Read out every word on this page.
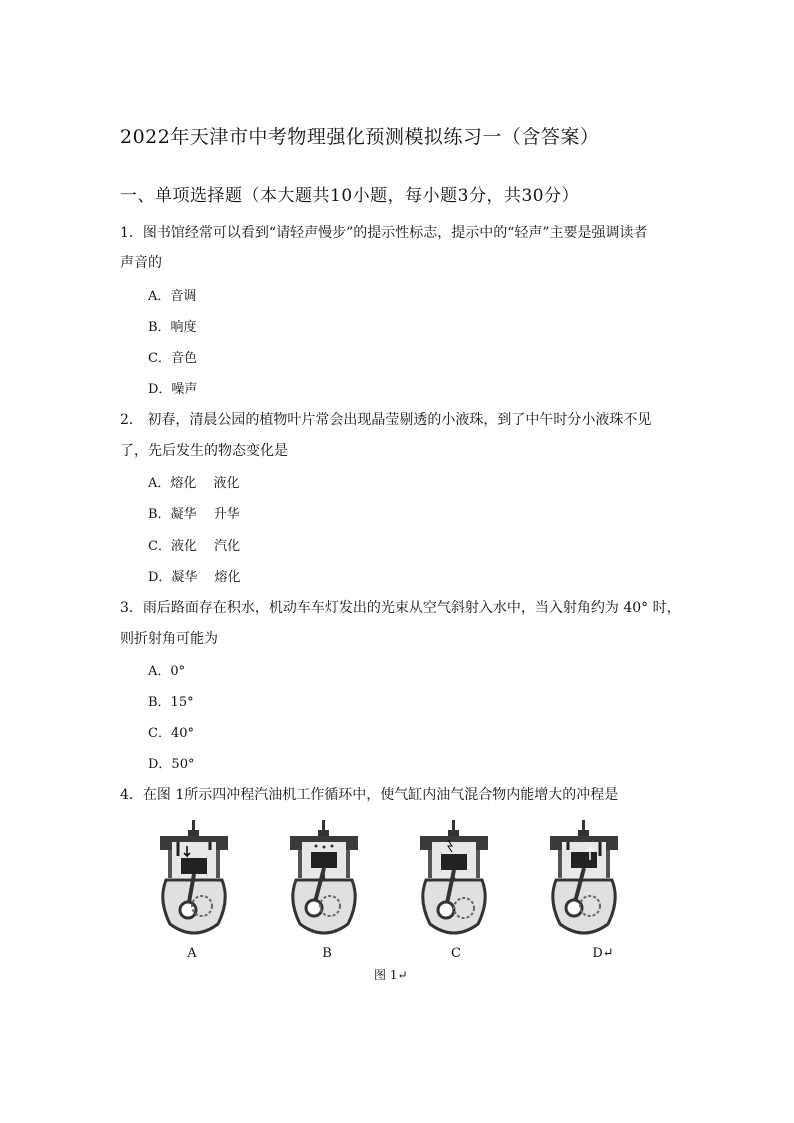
2022年天津市中考物理强化预测模拟练习一（含答案）
一、单项选择题（本大题共10小题，每小题3分，共30分）
1．图书馆经常可以看到“请轻声慢步”的提示性标志，提示中的“轻声”主要是强调读者
声音的
A．音调
B．响度
C．音色
D．噪声
2． 初春，清晨公园的植物叶片常会出现晶莹剔透的小液珠，到了中午时分小液珠不见
了，先后发生的物态变化是
A．熔化　 液化
B．凝华　 升华
C．液化　 汽化
D．凝华　 熔化
3．雨后路面存在积水，机动车车灯发出的光束从空气斜射入水中，当入射角约为 40° 时，
则折射角可能为
A．0°
B．15°
C．40°
D．50°
4．在图 1所示四冲程汽油机工作循环中，使气缸内油气混合物内能增大的冲程是
A	B	C	D↵
图 1↵
